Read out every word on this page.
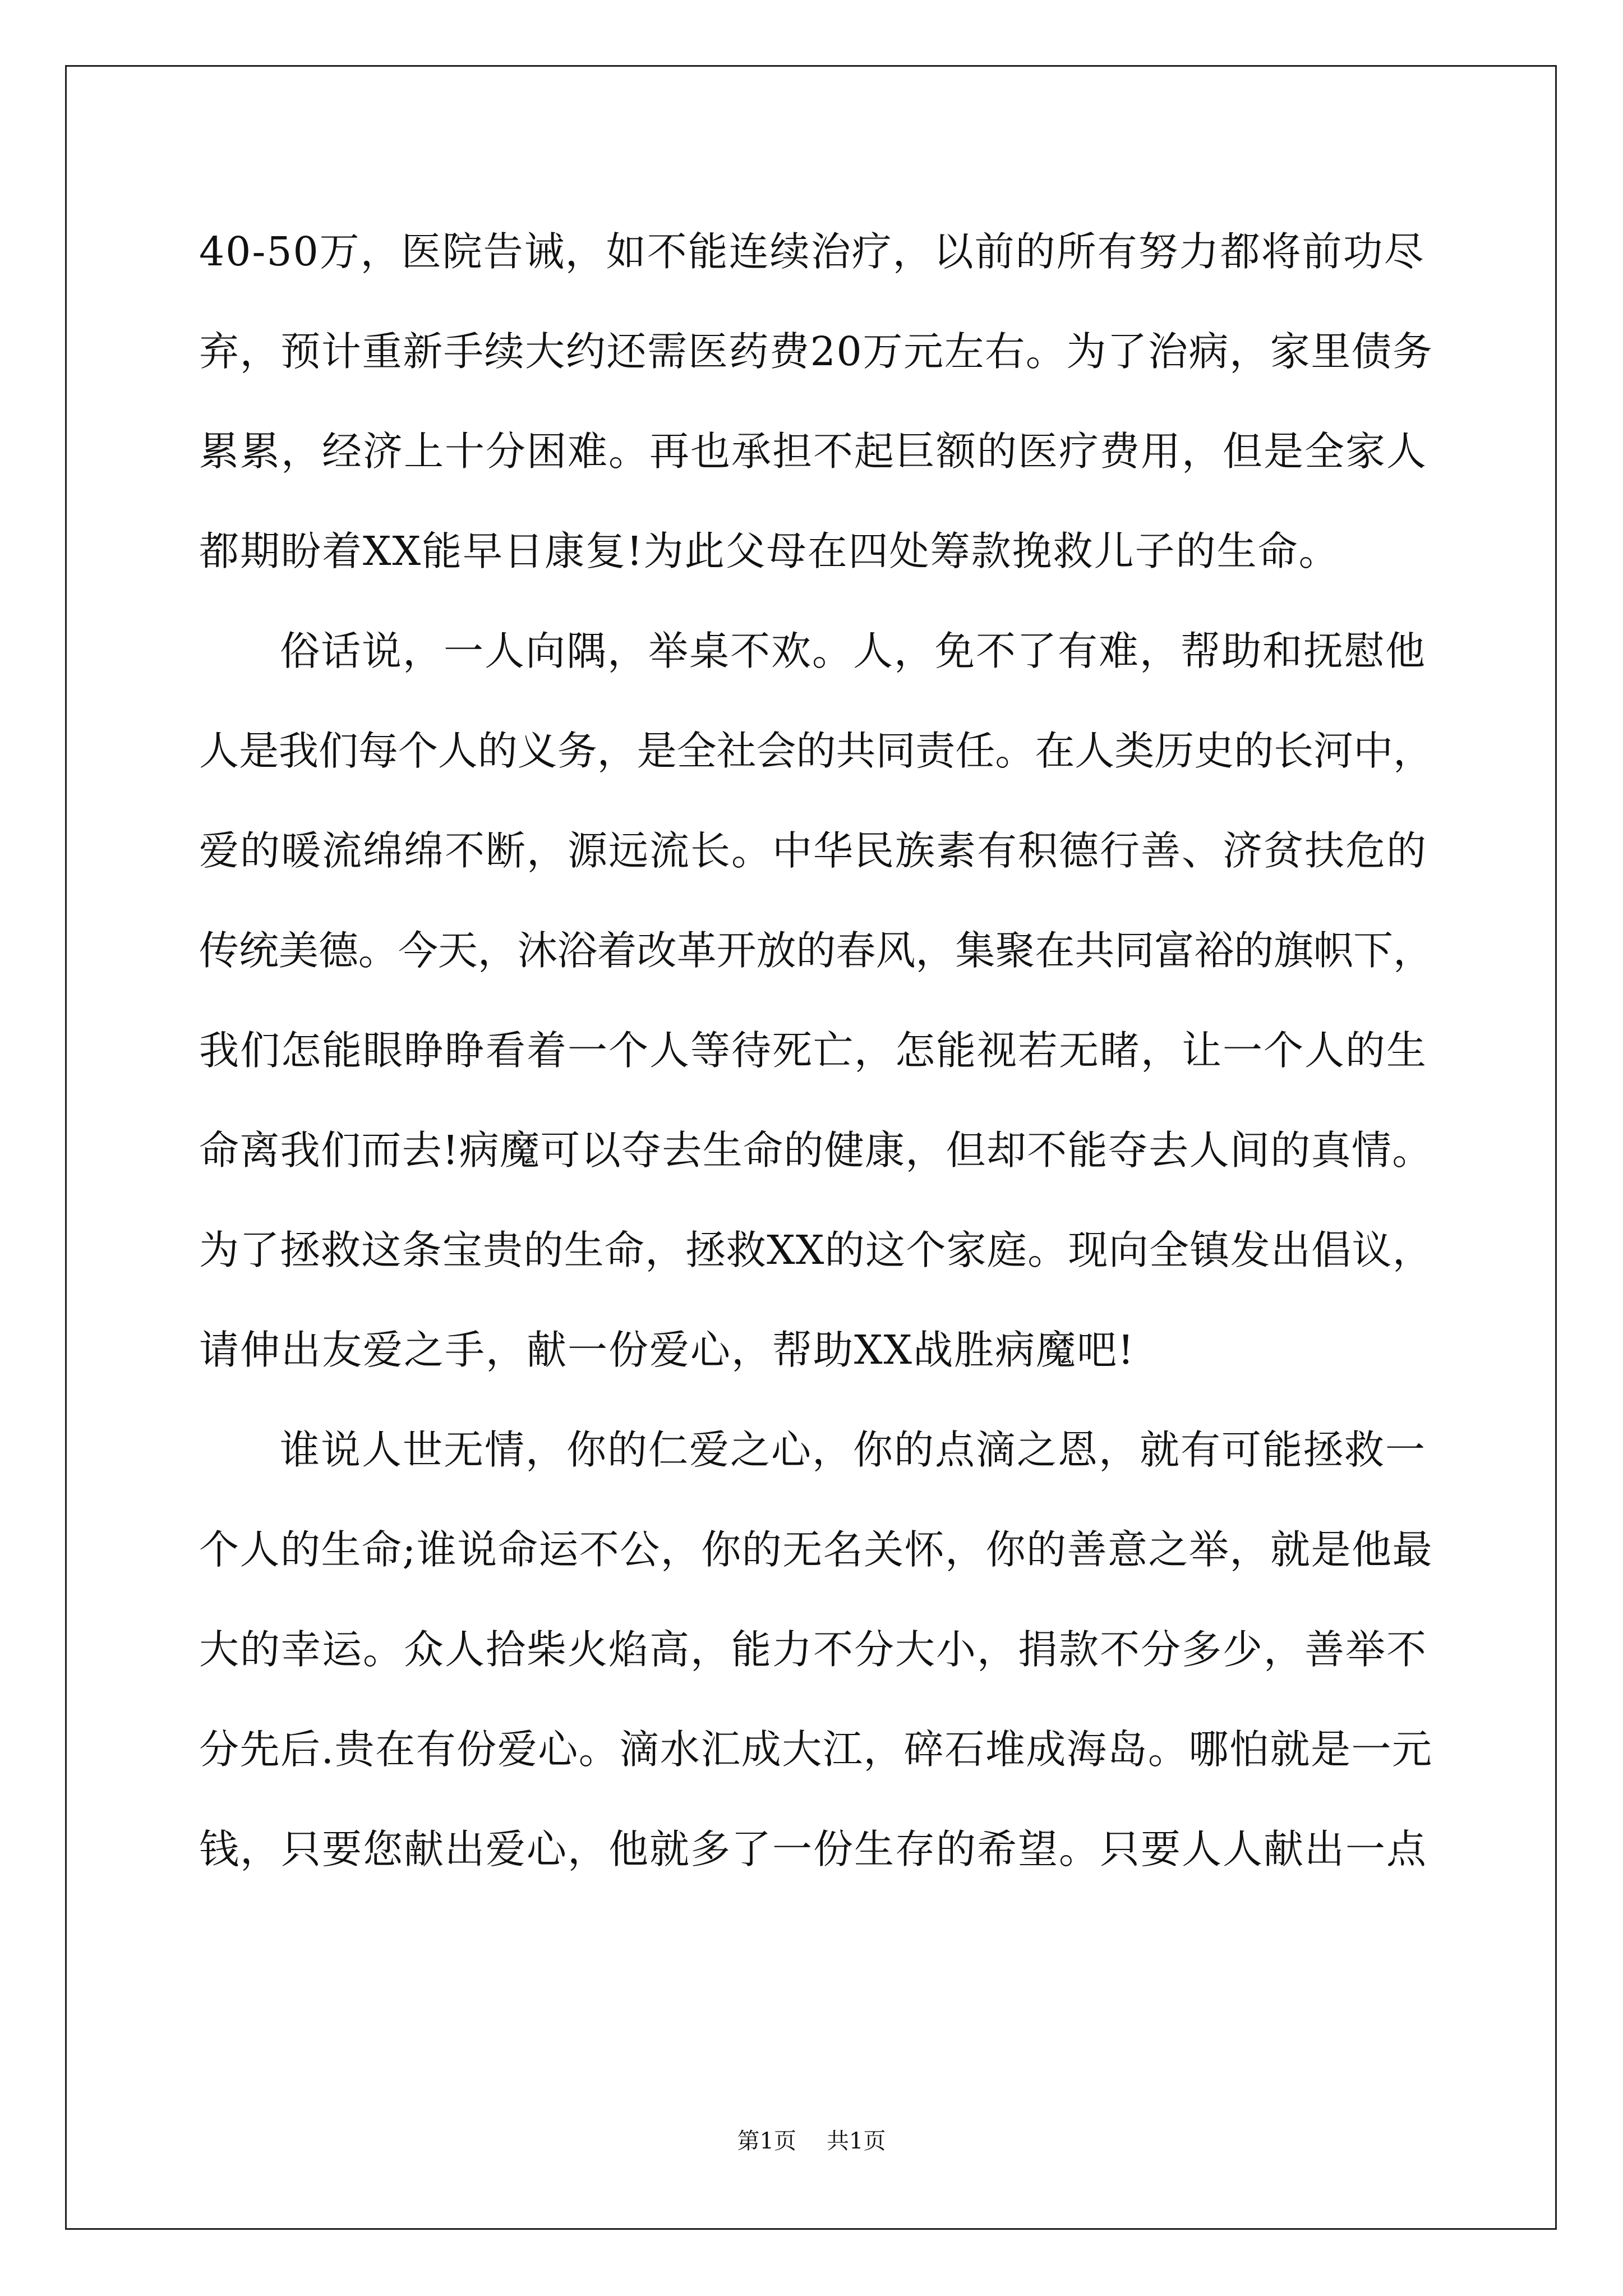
40-50万，医院告诫，如不能连续治疗，以前的所有努力都将前功尽
弃，预计重新手续大约还需医药费20万元左右。为了治病，家里债务
累累，经济上十分困难。再也承担不起巨额的医疗费用，但是全家人
都期盼着XX能早日康复!为此父母在四处筹款挽救儿子的生命。
俗话说，一人向隅，举桌不欢。人，免不了有难，帮助和抚慰他
人是我们每个人的义务，是全社会的共同责任。在人类历史的长河中，
爱的暖流绵绵不断，源远流长。中华民族素有积德行善、济贫扶危的
传统美德。今天，沐浴着改革开放的春风，集聚在共同富裕的旗帜下，
我们怎能眼睁睁看着一个人等待死亡，怎能视若无睹，让一个人的生
命离我们而去!病魔可以夺去生命的健康，但却不能夺去人间的真情。
为了拯救这条宝贵的生命，拯救XX的这个家庭。现向全镇发出倡议，
请伸出友爱之手，献一份爱心，帮助XX战胜病魔吧!
谁说人世无情，你的仁爱之心，你的点滴之恩，就有可能拯救一
个人的生命;谁说命运不公，你的无名关怀，你的善意之举，就是他最
大的幸运。众人拾柴火焰高，能力不分大小，捐款不分多少，善举不
分先后.贵在有份爱心。滴水汇成大江，碎石堆成海岛。哪怕就是一元
钱，只要您献出爱心，他就多了一份生存的希望。只要人人献出一点
第1页 共1页
